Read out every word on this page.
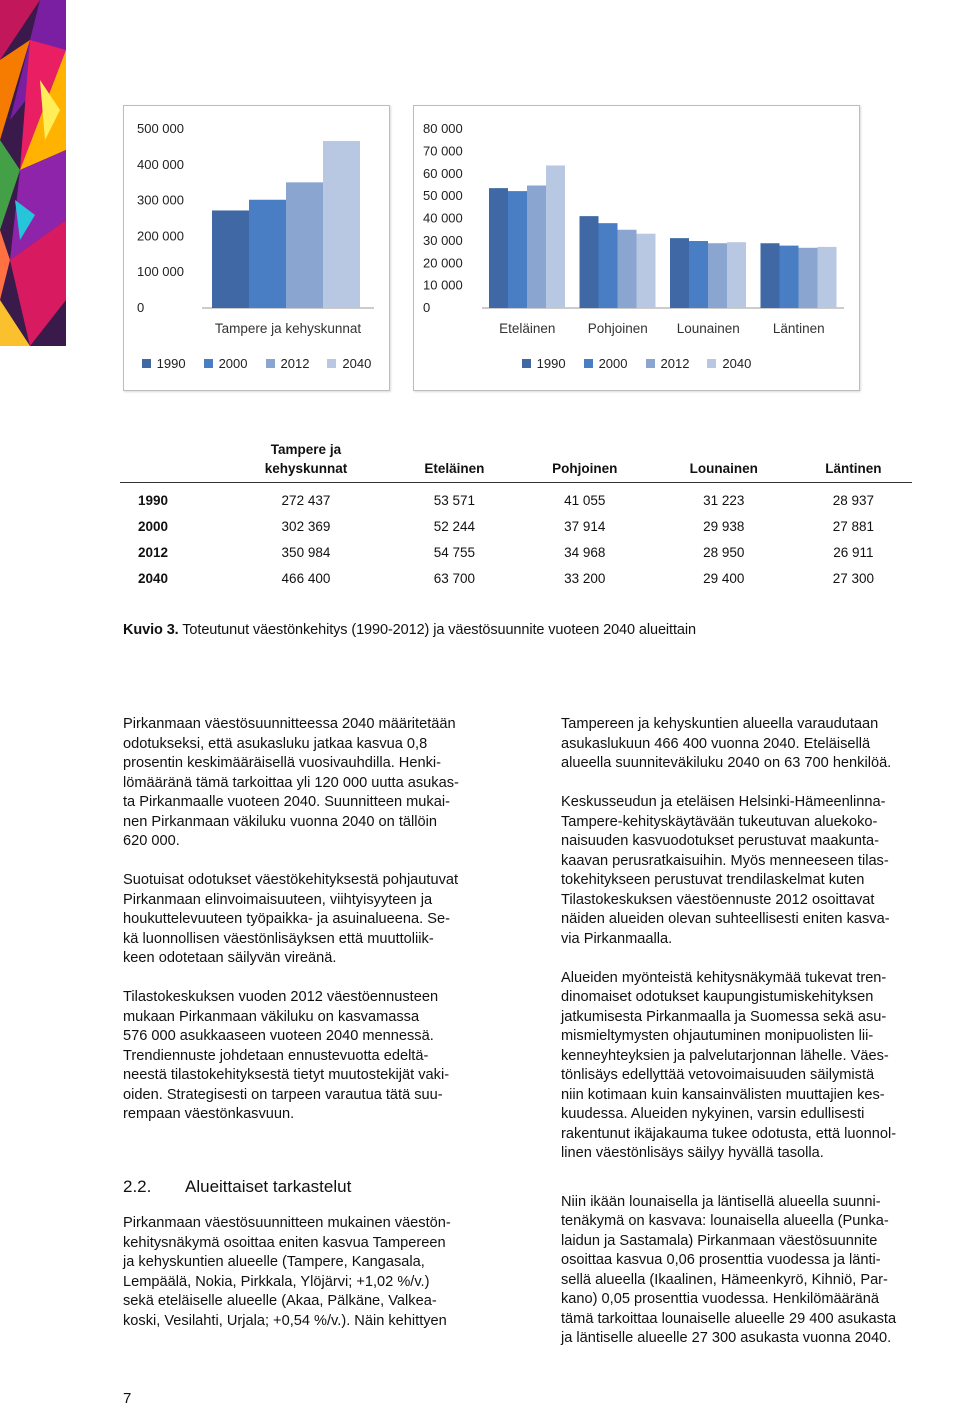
500 000
400 000
300 000
200 000
100 000
0
Tampere ja kehyskunnat
1990	2000	2012	2040
80 000
70 000
60 000
50 000
40 000
30 000
20 000
10 000
0
Eteläinen Pohjoinen Lounainen Läntinen
1990	2000	2012	2040
	Tampere ja
kehyskunnat	Eteläinen	Pohjoinen	Lounainen	Läntinen
1990	272 437	53 571	41 055	31 223	28 937
2000	302 369	52 244	37 914	29 938	27 881
2012	350 984	54 755	34 968	28 950	26 911
2040	466 400	63 700	33 200	29 400	27 300
Kuvio 3. Toteutunut väestönkehitys (1990-2012) ja väestösuunnite vuoteen 2040 alueittain

Pirkanmaan väestösuunnitteessa 2040 määritetään
odotukseksi, että asukasluku jatkaa kasvua 0,8
prosentin keskimääräisellä vuosivauhdilla. Henki-
lömääränä tämä tarkoittaa yli 120 000 uutta asukas-
ta Pirkanmaalle vuoteen 2040. Suunnitteen mukai-
nen Pirkanmaan väkiluku vuonna 2040 on tällöin
620 000.

Suotuisat odotukset väestökehityksestä pohjautuvat
Pirkanmaan elinvoimaisuuteen, viihtyisyyteen ja
houkuttelevuuteen työpaikka- ja asuinalueena. Se-
kä luonnollisen väestönlisäyksen että muuttoliik-
keen odotetaan säilyvän vireänä.

Tilastokeskuksen vuoden 2012 väestöennusteen
mukaan Pirkanmaan väkiluku on kasvamassa
576 000 asukkaaseen vuoteen 2040 mennessä.
Trendiennuste johdetaan ennustevuotta edeltä-
neestä tilastokehityksestä tietyt muutostekijät vaki-
oiden. Strategisesti on tarpeen varautua tätä suu-
rempaan väestönkasvuun.

2.2. Alueittaiset tarkastelut

Pirkanmaan väestösuunnitteen mukainen väestön-
kehitysnäkymä osoittaa eniten kasvua Tampereen
ja kehyskuntien alueelle (Tampere, Kangasala,
Lempäälä, Nokia, Pirkkala, Ylöjärvi; +1,02 %/v.)
sekä eteläiselle alueelle (Akaa, Pälkäne, Valkea-
koski, Vesilahti, Urjala; +0,54 %/v.). Näin kehittyen

Tampereen ja kehyskuntien alueella varaudutaan
asukaslukuun 466 400 vuonna 2040. Eteläisellä
alueella suunniteväkiluku 2040 on 63 700 henkilöä.

Keskusseudun ja eteläisen Helsinki-Hämeenlinna-
Tampere-kehityskäytävään tukeutuvan aluekoko-
naisuuden kasvuodotukset perustuvat maakunta-
kaavan perusratkaisuihin. Myös menneeseen tilas-
tokehitykseen perustuvat trendilaskelmat kuten
Tilastokeskuksen väestöennuste 2012 osoittavat
näiden alueiden olevan suhteellisesti eniten kasva-
via Pirkanmaalla.

Alueiden myönteistä kehitysnäkymää tukevat tren-
dinomaiset odotukset kaupungistumiskehityksen
jatkumisesta Pirkanmaalla ja Suomessa sekä asu-
mismieltymysten ohjautuminen monipuolisten lii-
kenneyhteyksien ja palvelutarjonnan lähelle. Väes-
tönlisäys edellyttää vetovoimaisuuden säilymistä
niin kotimaan kuin kansainvälisten muuttajien kes-
kuudessa. Alueiden nykyinen, varsin edullisesti
rakentunut ikäjakauma tukee odotusta, että luonnol-
linen väestönlisäys säilyy hyvällä tasolla.

Niin ikään lounaisella ja läntisellä alueella suunni-
tenäkymä on kasvava: lounaisella alueella (Punka-
laidun ja Sastamala) Pirkanmaan väestösuunnite
osoittaa kasvua 0,06 prosenttia vuodessa ja länti-
sellä alueella (Ikaalinen, Hämeenkyrö, Kihniö, Par-
kano) 0,05 prosenttia vuodessa. Henkilömääränä
tämä tarkoittaa lounaiselle alueelle 29 400 asukasta
ja läntiselle alueelle 27 300 asukasta vuonna 2040.

7
